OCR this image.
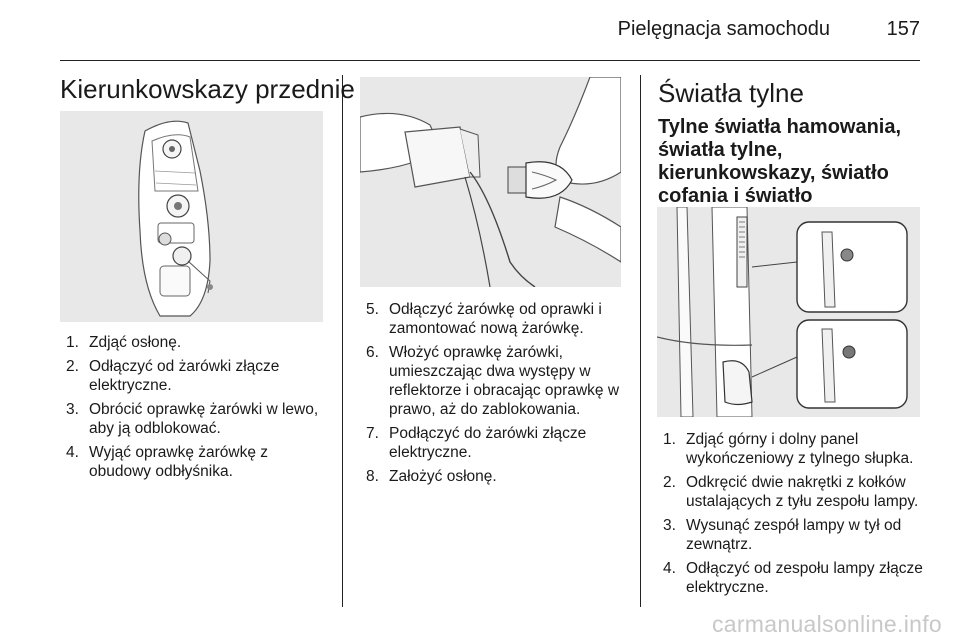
Pielęgnacja samochodu	157
Kierunkowskazy przednie
1. Zdjąć osłonę.
2. Odłączyć od żarówki złącze elektryczne.
3. Obrócić oprawkę żarówki w lewo, aby ją odblokować.
4. Wyjąć oprawkę żarówkę z obudowy odbłyśnika.
5. Odłączyć żarówkę od oprawki i zamontować nową żarówkę.
6. Włożyć oprawkę żarówki, umieszczając dwa występy w reflektorze i obracając oprawkę w prawo, aż do zablokowania.
7. Podłączyć do żarówki złącze elektryczne.
8. Założyć osłonę.
Światła tylne
Tylne światła hamowania, światła tylne, kierunkowskazy, światło cofania i światło
1. Zdjąć górny i dolny panel wykończeniowy z tylnego słupka.
2. Odkręcić dwie nakrętki z kołków ustalających z tyłu zespołu lampy.
3. Wysunąć zespół lampy w tył od zewnątrz.
4. Odłączyć od zespołu lampy złącze elektryczne.
carmanualsonline.info
